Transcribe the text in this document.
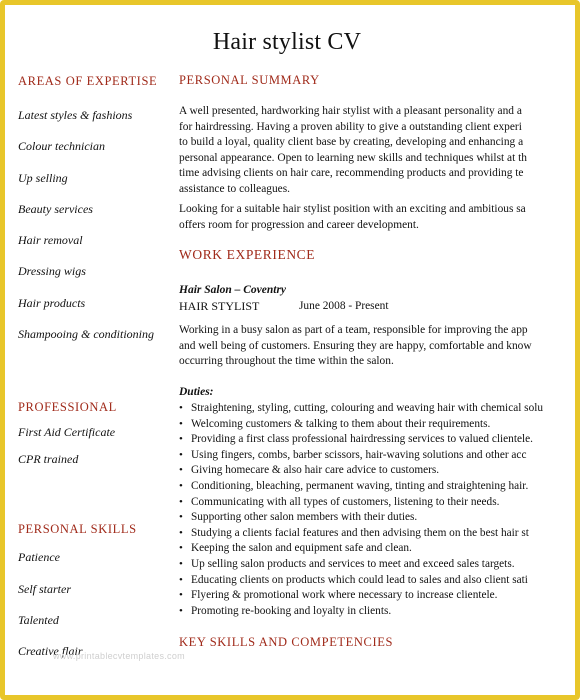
Hair stylist CV
AREAS OF EXPERTISE
Latest styles & fashions
Colour technician
Up selling
Beauty services
Hair removal
Dressing wigs
Hair products
Shampooing & conditioning
PROFESSIONAL
First Aid Certificate
CPR trained
PERSONAL SKILLS
Patience
Self starter
Talented
Creative flair
PERSONAL SUMMARY
A well presented, hardworking hair stylist with a pleasant personality and a
for hairdressing. Having a proven ability to give a outstanding client experi
to build a loyal, quality client base by creating, developing and enhancing a
personal appearance. Open to learning new skills and techniques whilst at th
time advising clients on hair care, recommending products and providing te
assistance to colleagues.
Looking for a suitable hair stylist position with an exciting and ambitious sa
offers room for progression and career development.
WORK EXPERIENCE
Hair Salon – Coventry
HAIR STYLIST	June 2008 - Present
Working in a busy salon as part of a team, responsible for improving the app
and well being of customers. Ensuring they are happy, comfortable and know
occurring throughout the time within the salon.
Duties:
• Straightening, styling, cutting, colouring and weaving hair with chemical solu
• Welcoming customers & talking to them about their requirements.
• Providing a first class professional hairdressing services to valued clientele.
• Using fingers, combs, barber scissors, hair-waving solutions and other acc
• Giving homecare & also hair care advice to customers.
• Conditioning, bleaching, permanent waving, tinting and straightening hair.
• Communicating with all types of customers, listening to their needs.
• Supporting other salon members with their duties.
• Studying a clients facial features and then advising them on the best hair st
• Keeping the salon and equipment safe and clean.
• Up selling salon products and services to meet and exceed sales targets.
• Educating clients on products which could lead to sales and also client sati
• Flyering & promotional work where necessary to increase clientele.
• Promoting re-booking and loyalty in clients.
KEY SKILLS AND COMPETENCIES
www.printablecvtemplates.com
